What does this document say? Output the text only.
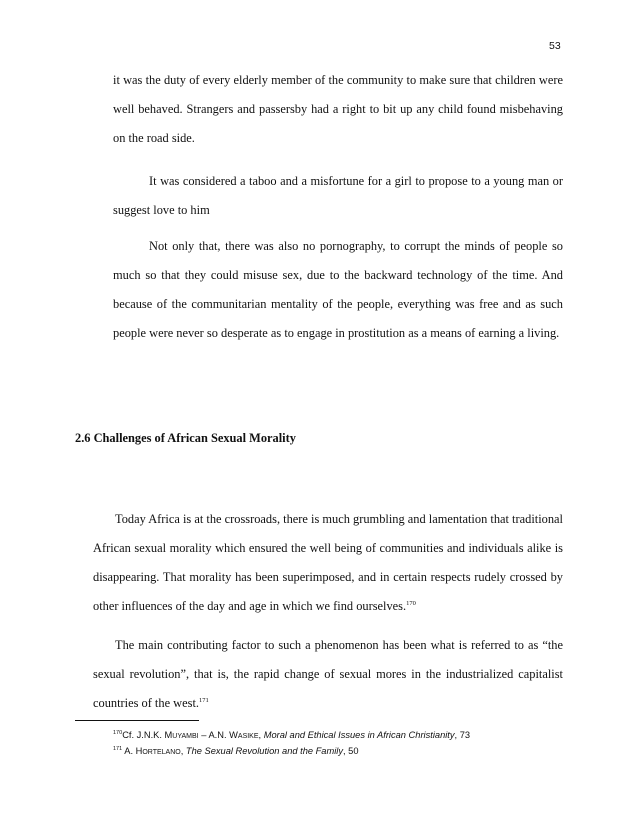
53

it was the duty of every elderly member of the community to make sure that children were well behaved. Strangers and passersby had a right to bit up any child found misbehaving on the road side.

It was considered a taboo and a misfortune for a girl to propose to a young man or suggest love to him

Not only that, there was also no pornography, to corrupt the minds of people so much so that they could misuse sex, due to the backward technology of the time. And because of the communitarian mentality of the people, everything was free and as such people were never so desperate as to engage in prostitution as a means of earning a living.

2.6 Challenges of African Sexual Morality

Today Africa is at the crossroads, there is much grumbling and lamentation that traditional African sexual morality which ensured the well being of communities and individuals alike is disappearing. That morality has been superimposed, and in certain respects rudely crossed by other influences of the day and age in which we find ourselves.$^{170}$

The main contributing factor to such a phenomenon has been what is referred to as “the sexual revolution”, that is, the rapid change of sexual mores in the industrialized capitalist countries of the west.$^{171}$

$^{170}$Cf. J.N.K. Muyambi – A.N. Wasike, Moral and Ethical Issues in African Christianity, 73
$^{171}$ A. Hortelano, The Sexual Revolution and the Family, 50
